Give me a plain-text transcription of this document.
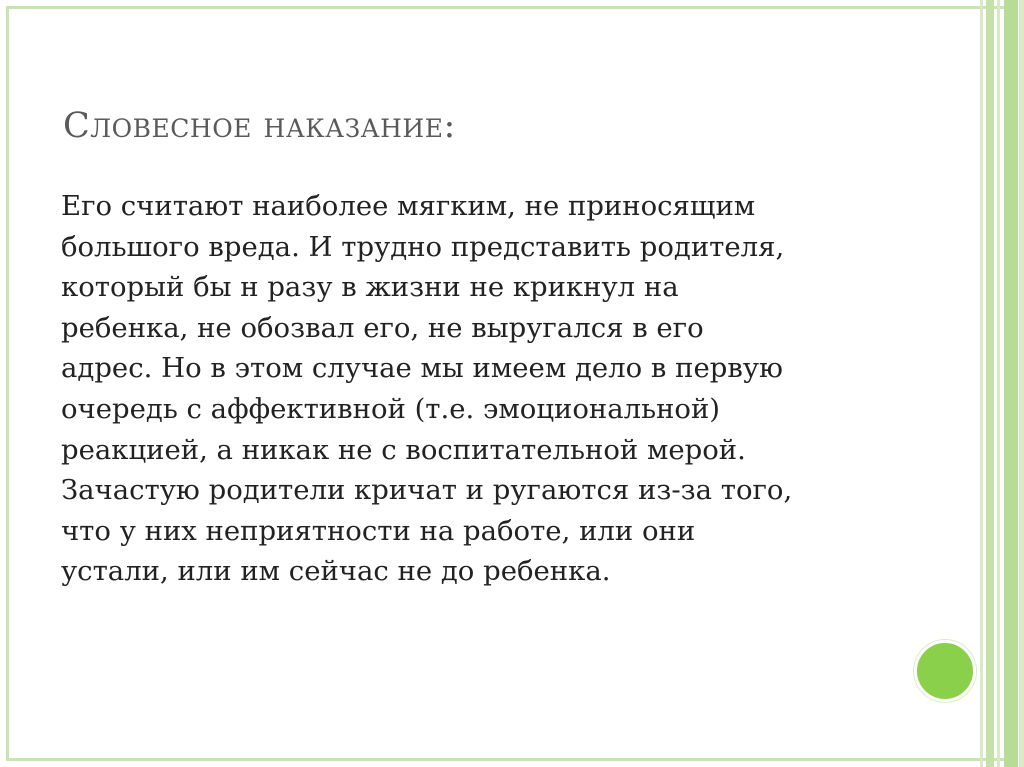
Словесное наказание:

Его считают наиболее мягким, не приносящим
большого вреда. И трудно представить родителя,
который бы н разу в жизни не крикнул на
ребенка, не обозвал его, не выругался в его
адрес. Но в этом случае мы имеем дело в первую
очередь с аффективной (т.е. эмоциональной)
реакцией, а никак не с воспитательной мерой.
Зачастую родители кричат и ругаются из-за того,
что у них неприятности на работе, или они
устали, или им сейчас не до ребенка.
